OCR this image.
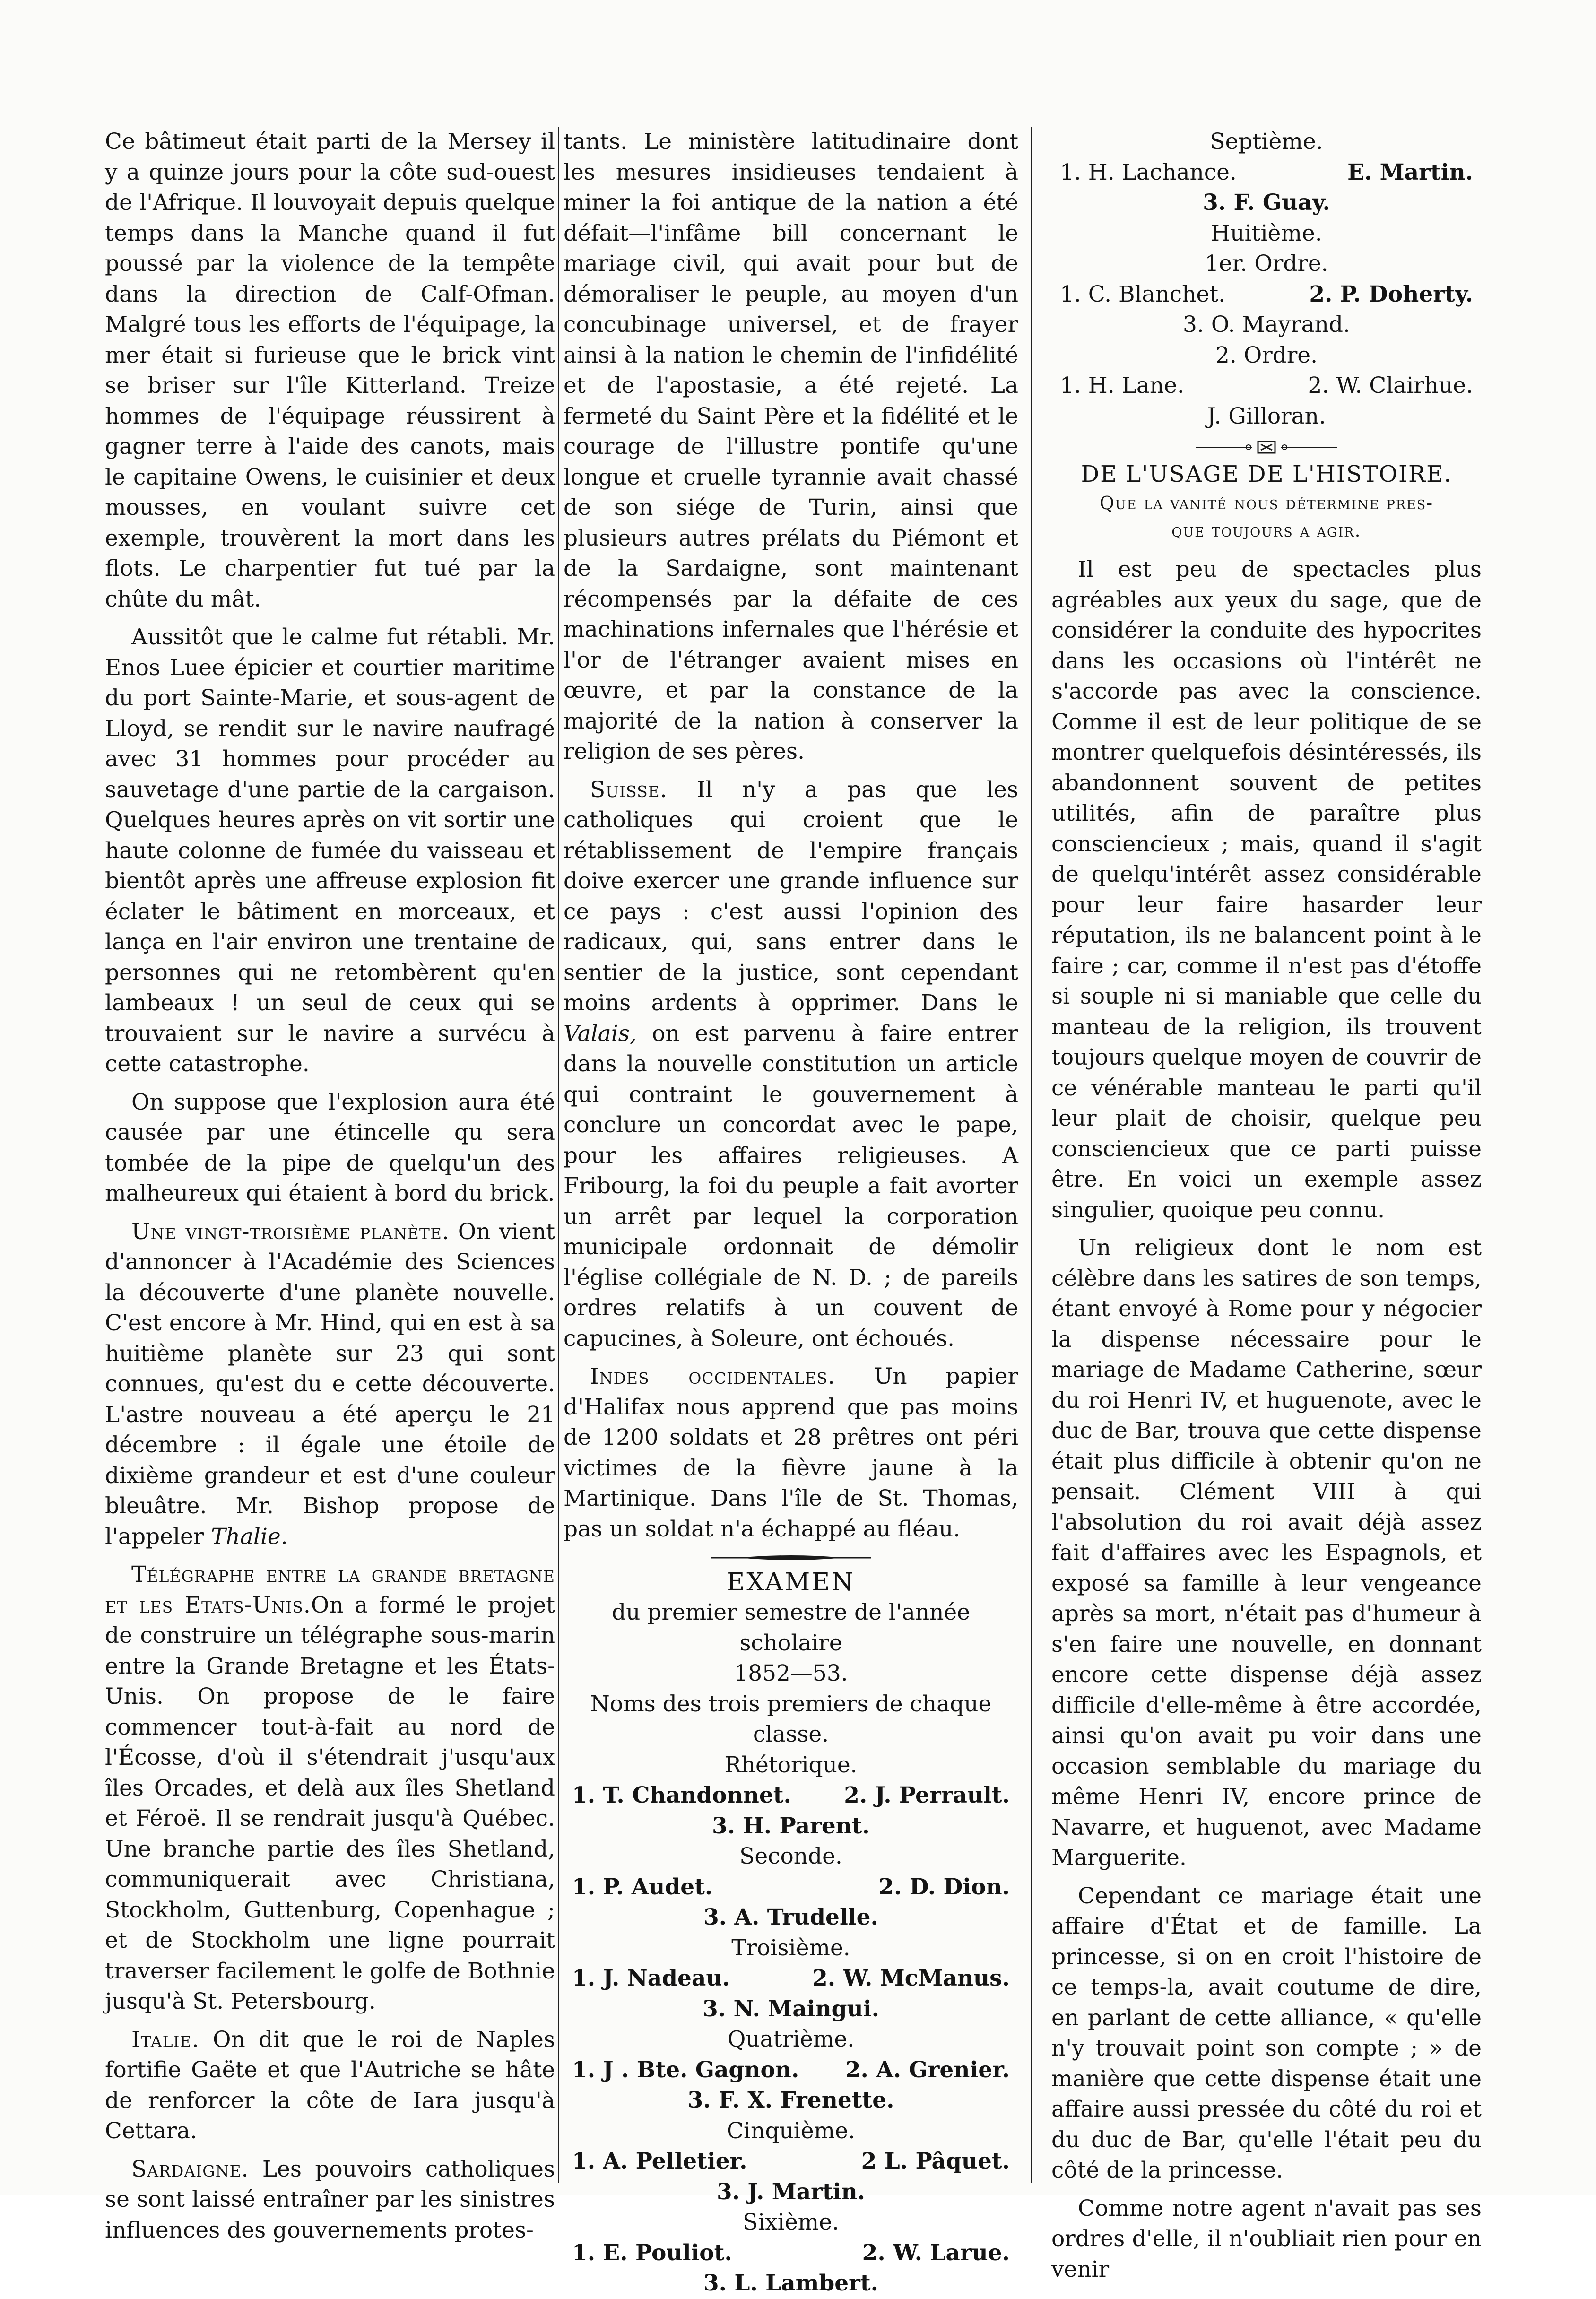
Ce bâtimeut était parti de la Mersey il y a quinze jours pour la côte sud-ouest de l'Afrique. Il louvoyait depuis quelque temps dans la Manche quand il fut poussé par la violence de la tempête dans la direction de Calf-Ofman. Malgré tous les efforts de l'équipage, la mer était si furieuse que le brick vint se briser sur l'île Kitterland. Treize hommes de l'équipage réussirent à gagner terre à l'aide des canots, mais le capitaine Owens, le cuisinier et deux mousses, en voulant suivre cet exemple, trouvèrent la mort dans les flots. Le charpentier fut tué par la chûte du mât.

Aussitôt que le calme fut rétabli. Mr. Enos Luee épicier et courtier maritime du port Sainte-Marie, et sous-agent de Lloyd, se rendit sur le navire naufragé avec 31 hommes pour procéder au sauvetage d'une partie de la cargaison. Quelques heures après on vit sortir une haute colonne de fumée du vaisseau et bientôt après une affreuse explosion fit éclater le bâtiment en morceaux, et lança en l'air environ une trentaine de personnes qui ne retombèrent qu'en lambeaux ! un seul de ceux qui se trouvaient sur le navire a survécu à cette catastrophe.

On suppose que l'explosion aura été causée par une étincelle qu sera tombée de la pipe de quelqu'un des malheureux qui étaient à bord du brick.

Une vingt-troisième planète. On vient d'annoncer à l'Académie des Sciences la découverte d'une planète nouvelle. C'est encore à Mr. Hind, qui en est à sa huitième planète sur 23 qui sont connues, qu'est du e cette découverte. L'astre nouveau a été aperçu le 21 décembre : il égale une étoile de dixième grandeur et est d'une couleur bleuâtre. Mr. Bishop propose de l'appeler Thalie.

Télégraphe entre la grande bretagne et les Etats-Unis.On a formé le projet de construire un télégraphe sous-marin entre la Grande Bretagne et les États-Unis. On propose de le faire commencer tout-à-fait au nord de l'Écosse, d'où il s'étendrait j'usqu'aux îles Orcades, et delà aux îles Shetland et Féroë. Il se rendrait jusqu'à Québec. Une branche partie des îles Shetland, communiquerait avec Christiana, Stockholm, Guttenburg, Copenhague ; et de Stockholm une ligne pourrait traverser facilement le golfe de Bothnie jusqu'à St. Petersbourg.

Italie. On dit que le roi de Naples fortifie Gaëte et que l'Autriche se hâte de renforcer la côte de Iara jusqu'à Cettara.

Sardaigne. Les pouvoirs catholiques se sont laissé entraîner par les sinistres influences des gouvernements protes-

tants. Le ministère latitudinaire dont les mesures insidieuses tendaient à miner la foi antique de la nation a été défait—l'infâme bill concernant le mariage civil, qui avait pour but de démoraliser le peuple, au moyen d'un concubinage universel, et de frayer ainsi à la nation le chemin de l'infidélité et de l'apostasie, a été rejeté. La fermeté du Saint Père et la fidélité et le courage de l'illustre pontife qu'une longue et cruelle tyrannie avait chassé de son siége de Turin, ainsi que plusieurs autres prélats du Piémont et de la Sardaigne, sont maintenant récompensés par la défaite de ces machinations infernales que l'hérésie et l'or de l'étranger avaient mises en œuvre, et par la constance de la majorité de la nation à conserver la religion de ses pères.

Suisse. Il n'y a pas que les catholiques qui croient que le rétablissement de l'empire français doive exercer une grande influence sur ce pays : c'est aussi l'opinion des radicaux, qui, sans entrer dans le sentier de la justice, sont cependant moins ardents à opprimer. Dans le Valais, on est parvenu à faire entrer dans la nouvelle constitution un article qui contraint le gouvernement à conclure un concordat avec le pape, pour les affaires religieuses. A Fribourg, la foi du peuple a fait avorter un arrêt par lequel la corporation municipale ordonnait de démolir l'église collégiale de N. D. ; de pareils ordres relatifs à un couvent de capucines, à Soleure, ont échoués.

Indes occidentales. Un papier d'Halifax nous apprend que pas moins de 1200 soldats et 28 prêtres ont péri victimes de la fièvre jaune à la Martinique. Dans l'île de St. Thomas, pas un soldat n'a échappé au fléau.

EXAMEN

du premier semestre de l'année scholaire

1852—53.

Noms des trois premiers de chaque classe.

Rhétorique.

1. T. Chandonnet. 2. J. Perrault.

3. H. Parent.

Seconde.

1. P. Audet.	2. D. Dion.

3. A. Trudelle.

Troisième.

1. J. Nadeau.	2. W. McManus.

3. N. Maingui.

Quatrième.

1. J . Bte. Gagnon. 2. A. Grenier.

3. F. X. Frenette.

Cinquième.

1. A. Pelletier.	2 L. Pâquet.

3. J. Martin.

Sixième.

1. E. Pouliot.	2. W. Larue.

3. L. Lambert.

Septième.

1. H. Lachance.	E. Martin.

3. F. Guay.

Huitième.

1er. Ordre.

1. C. Blanchet.	2. P. Doherty.

3. O. Mayrand.

2. Ordre.

1. H. Lane.	2. W. Clairhue.

J. Gilloran.

DE L'USAGE DE L'HISTOIRE.

Que la vanité nous détermine pres-
que toujours a agir.

Il est peu de spectacles plus agréables aux yeux du sage, que de considérer la conduite des hypocrites dans les occasions où l'intérêt ne s'accorde pas avec la conscience. Comme il est de leur politique de se montrer quelquefois désintéressés, ils abandonnent souvent de petites utilités, afin de paraître plus consciencieux ; mais, quand il s'agit de quelqu'intérêt assez considérable pour leur faire hasarder leur réputation, ils ne balancent point à le faire ; car, comme il n'est pas d'étoffe si souple ni si maniable que celle du manteau de la religion, ils trouvent toujours quelque moyen de couvrir de ce vénérable manteau le parti qu'il leur plait de choisir, quelque peu consciencieux que ce parti puisse être. En voici un exemple assez singulier, quoique peu connu.

Un religieux dont le nom est célèbre dans les satires de son temps, étant envoyé à Rome pour y négocier la dispense nécessaire pour le mariage de Madame Catherine, sœur du roi Henri IV, et huguenote, avec le duc de Bar, trouva que cette dispense était plus difficile à obtenir qu'on ne pensait. Clément VIII à qui l'absolution du roi avait déjà assez fait d'affaires avec les Espagnols, et exposé sa famille à leur vengeance après sa mort, n'était pas d'humeur à s'en faire une nouvelle, en donnant encore cette dispense déjà assez difficile d'elle-même à être accordée, ainsi qu'on avait pu voir dans une occasion semblable du mariage du même Henri IV, encore prince de Navarre, et huguenot, avec Madame Marguerite.

Cependant ce mariage était une affaire d'État et de famille. La princesse, si on en croit l'histoire de ce temps-la, avait coutume de dire, en parlant de cette alliance, « qu'elle n'y trouvait point son compte ; » de manière que cette dispense était une affaire aussi pressée du côté du roi et du duc de Bar, qu'elle l'était peu du côté de la princesse.

Comme notre agent n'avait pas ses ordres d'elle, il n'oubliait rien pour en venir
